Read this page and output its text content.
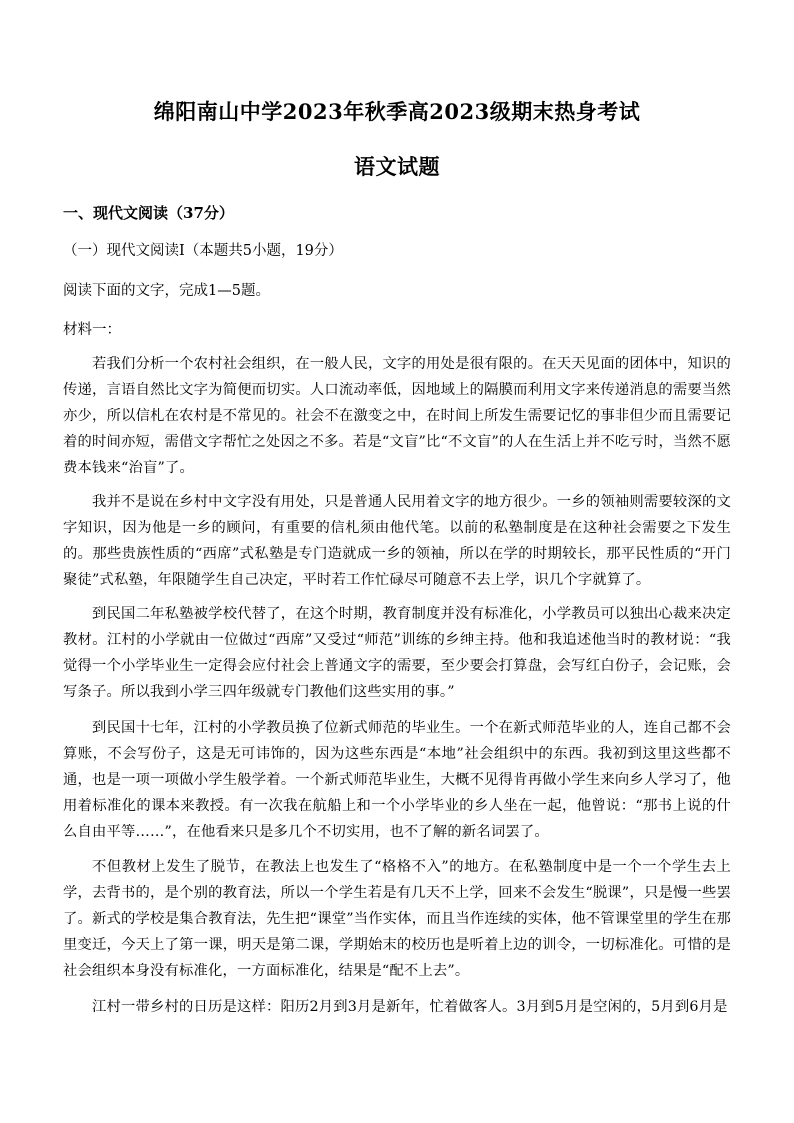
绵阳南山中学2023年秋季高2023级期末热身考试
语文试题
一、现代文阅读（37分）
（一）现代文阅读Ⅰ（本题共5小题，19分）
阅读下面的文字，完成1—5题。
材料一：
若我们分析一个农村社会组织，在一般人民，文字的用处是很有限的。在天天见面的团体中，知识的传递，言语自然比文字为简便而切实。人口流动率低，因地域上的隔膜而利用文字来传递消息的需要当然亦少，所以信札在农村是不常见的。社会不在激变之中，在时间上所发生需要记忆的事非但少而且需要记着的时间亦短，需借文字帮忙之处因之不多。若是“文盲”比“不文盲”的人在生活上并不吃亏时，当然不愿费本钱来“治盲”了。
我并不是说在乡村中文字没有用处，只是普通人民用着文字的地方很少。一乡的领袖则需要较深的文字知识，因为他是一乡的顾问，有重要的信札须由他代笔。以前的私塾制度是在这种社会需要之下发生的。那些贵族性质的“西席”式私塾是专门造就成一乡的领袖，所以在学的时期较长，那平民性质的“开门聚徒”式私塾，年限随学生自己决定，平时若工作忙碌尽可随意不去上学，识几个字就算了。
到民国二年私塾被学校代替了，在这个时期，教育制度并没有标准化，小学教员可以独出心裁来决定教材。江村的小学就由一位做过“西席”又受过“师范”训练的乡绅主持。他和我追述他当时的教材说：“我觉得一个小学毕业生一定得会应付社会上普通文字的需要，至少要会打算盘，会写红白份子，会记账，会写条子。所以我到小学三四年级就专门教他们这些实用的事。”
到民国十七年，江村的小学教员换了位新式师范的毕业生。一个在新式师范毕业的人，连自己都不会算账，不会写份子，这是无可讳饰的，因为这些东西是“本地”社会组织中的东西。我初到这里这些都不通，也是一项一项做小学生般学着。一个新式师范毕业生，大概不见得肯再做小学生来向乡人学习了，他用着标准化的课本来教授。有一次我在航船上和一个小学毕业的乡人坐在一起，他曾说：“那书上说的什么自由平等……”，在他看来只是多几个不切实用，也不了解的新名词罢了。
不但教材上发生了脱节，在教法上也发生了“格格不入”的地方。在私塾制度中是一个一个学生去上学，去背书的，是个别的教育法，所以一个学生若是有几天不上学，回来不会发生“脱课”，只是慢一些罢了。新式的学校是集合教育法，先生把“课堂”当作实体，而且当作连续的实体，他不管课堂里的学生在那里变迁，今天上了第一课，明天是第二课，学期始末的校历也是听着上边的训令，一切标准化。可惜的是社会组织本身没有标准化，一方面标准化，结果是“配不上去”。
江村一带乡村的日历是这样：阳历2月到3月是新年，忙着做客人。3月到5月是空闲的，5月到6月是
